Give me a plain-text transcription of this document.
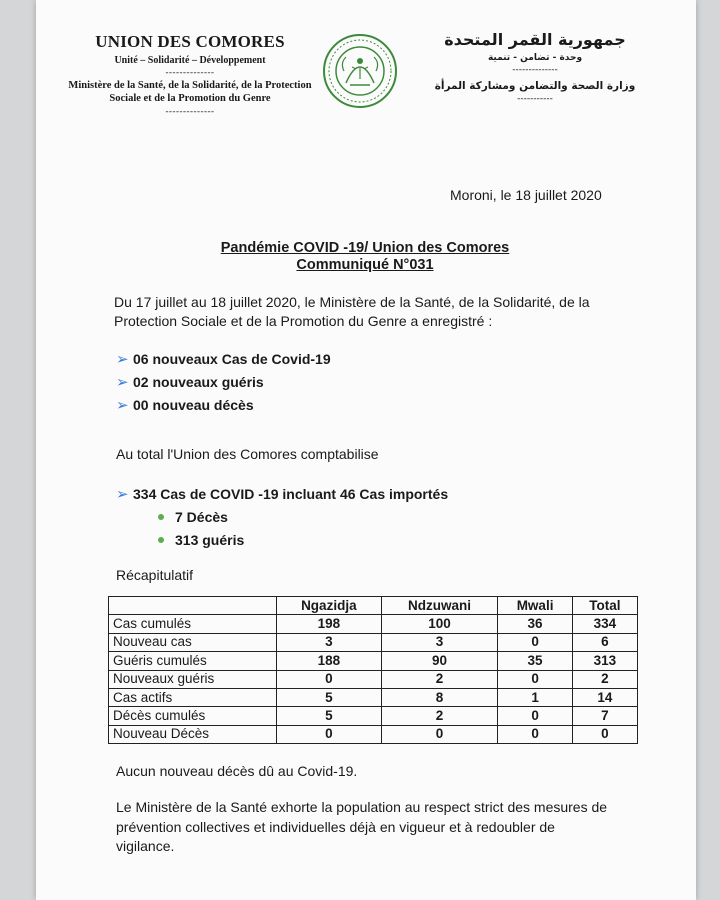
UNION DES COMORES
Unité – Solidarité – Développement
--------------
Ministère de la Santé, de la Solidarité, de la Protection Sociale et de la Promotion du Genre
--------------
جمهورية القمر المتحدة
وحدة - تضامن - تنمية
--------------
وزارة الصحة والتضامن ومشاركة المرأة
-----------
Moroni, le 18 juillet 2020
Pandémie COVID -19/ Union des Comores
Communiqué N°031
Du 17 juillet au 18 juillet 2020, le Ministère de la Santé, de la Solidarité, de la Protection Sociale et de la Promotion du Genre a enregistré :
➢ 06 nouveaux Cas de Covid-19
➢ 02 nouveaux guéris
➢ 00 nouveau décès
Au total l'Union des Comores comptabilise
➢ 334 Cas de COVID -19 incluant 46 Cas importés
7 Décès
313 guéris
Récapitulatif
	Ngazidja	Ndzuwani	Mwali	Total
Cas cumulés	198	100	36	334
Nouveau cas	3	3	0	6
Guéris cumulés	188	90	35	313
Nouveaux guéris	0	2	0	2
Cas actifs	5	8	1	14
Décès cumulés	5	2	0	7
Nouveau Décès	0	0	0	0
Aucun nouveau décès dû au Covid-19.
Le Ministère de la Santé exhorte la population au respect strict des mesures de prévention collectives et individuelles déjà en vigueur et à redoubler de vigilance.
